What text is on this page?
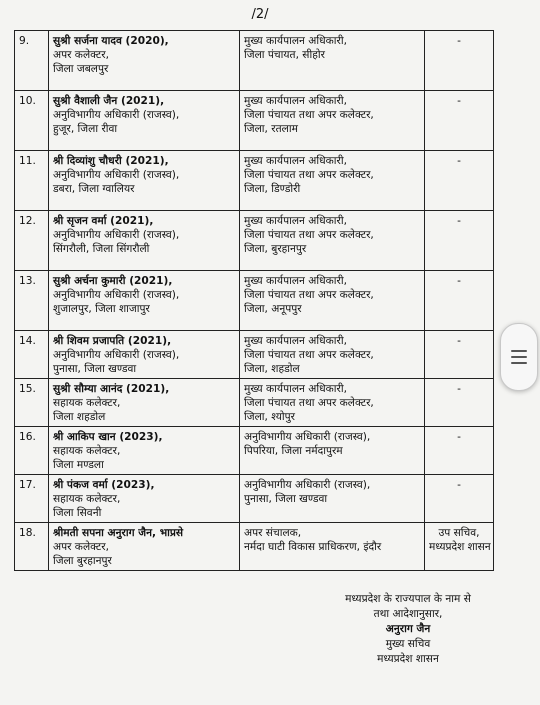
/2/
9.	सुश्री सर्जना यादव (2020),
अपर कलेक्टर,
जिला जबलपुर	मुख्य कार्यपालन अधिकारी,
जिला पंचायत, सीहोर	-

10.	सुश्री वैशाली जैन (2021),
अनुविभागीय अधिकारी (राजस्व),
हुजूर, जिला रीवा	मुख्य कार्यपालन अधिकारी,
जिला पंचायत तथा अपर कलेक्टर,
जिला, रतलाम	-

11.	श्री दिव्यांशु चौधरी (2021),
अनुविभागीय अधिकारी (राजस्व),
डबरा, जिला ग्वालियर	मुख्य कार्यपालन अधिकारी,
जिला पंचायत तथा अपर कलेक्टर,
जिला, डिण्डोरी	-

12.	श्री सृजन वर्मा (2021),
अनुविभागीय अधिकारी (राजस्व),
सिंगरौली, जिला सिंगरौली	मुख्य कार्यपालन अधिकारी,
जिला पंचायत तथा अपर कलेक्टर,
जिला, बुरहानपुर	-

13.	सुश्री अर्चना कुमारी (2021),
अनुविभागीय अधिकारी (राजस्व),
शुजालपुर, जिला शाजापुर	मुख्य कार्यपालन अधिकारी,
जिला पंचायत तथा अपर कलेक्टर,
जिला, अनूपपुर	-

14.	श्री शिवम प्रजापति (2021),
अनुविभागीय अधिकारी (राजस्व),
पुनासा, जिला खण्डवा	मुख्य कार्यपालन अधिकारी,
जिला पंचायत तथा अपर कलेक्टर,
जिला, शहडोल	-

15.	सुश्री सौम्या आनंद (2021),
सहायक कलेक्टर,
जिला शहडोल	मुख्य कार्यपालन अधिकारी,
जिला पंचायत तथा अपर कलेक्टर,
जिला, श्योपुर	-

16.	श्री आकिप खान (2023),
सहायक कलेक्टर,
जिला मण्डला	अनुविभागीय अधिकारी (राजस्व),
पिपरिया, जिला नर्मदापुरम	-

17.	श्री पंकज वर्मा (2023),
सहायक कलेक्टर,
जिला सिवनी	अनुविभागीय अधिकारी (राजस्व),
पुनासा, जिला खण्डवा	-

18.	श्रीमती सपना अनुराग जैन, भाप्रसे
अपर कलेक्टर,
जिला बुरहानपुर	अपर संचालक,
नर्मदा घाटी विकास प्राधिकरण, इंदौर	उप सचिव,
मध्यप्रदेश शासन
मध्यप्रदेश के राज्यपाल के नाम से
तथा आदेशानुसार,
अनुराग जैन
मुख्य सचिव
मध्यप्रदेश शासन
